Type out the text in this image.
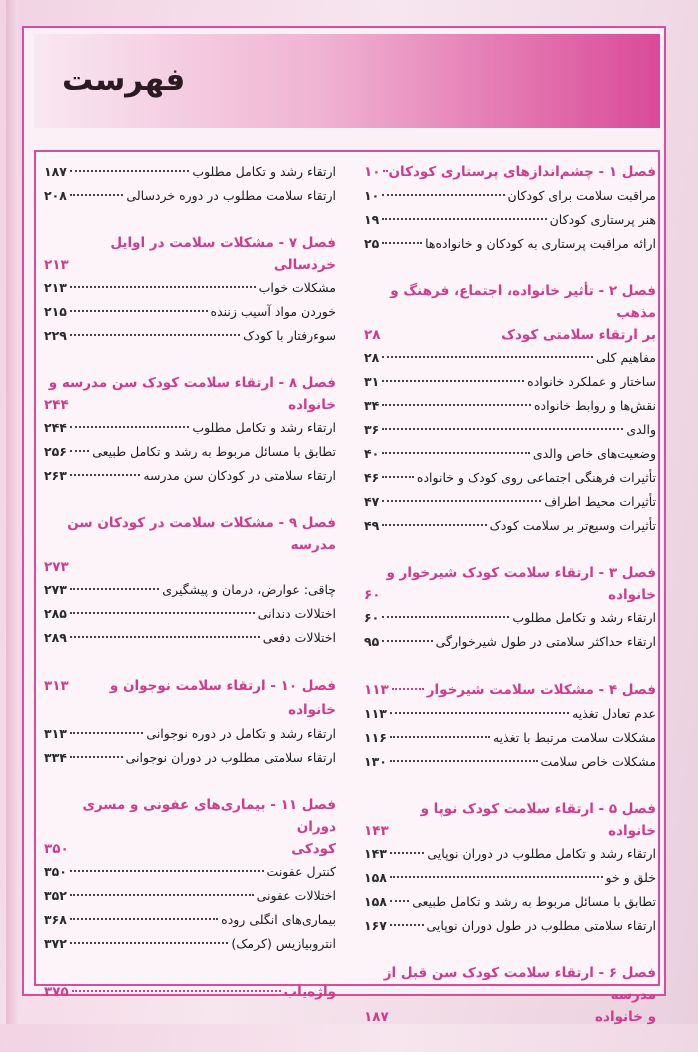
فهرست
فصل ۱ - چشم‌اندازهای پرستاری کودکان
۱۰
مراقبت سلامت برای کودکان
۱۰
هنر پرستاری کودکان
۱۹
ارائه مراقبت پرستاری به کودکان و خانواده‌ها
۲۵
فصل ۲ - تأثیر خانواده، اجتماع، فرهنگ و مذهب
بر ارتقاء سلامتی کودک
۲۸
مفاهیم کلی
۲۸
ساختار و عملکرد خانواده
۳۱
نقش‌ها و روابط خانواده
۳۴
والدی
۳۶
وضعیت‌های خاص والدی
۴۰
تأثیرات فرهنگی اجتماعی روی کودک و خانواده
۴۶
تأثیرات محیط اطراف
۴۷
تأثیرات وسیع‌تر بر سلامت کودک
۴۹
فصل ۳ - ارتقاء سلامت کودک شیرخوار و
خانواده
۶۰
ارتقاء رشد و تکامل مطلوب
۶۰
ارتقاء حداکثر سلامتی در طول شیرخوارگی
۹۵
فصل ۴ - مشکلات سلامت شیرخوار
۱۱۳
عدم تعادل تغذیه
۱۱۳
مشکلات سلامت مرتبط با تغذیه
۱۱۶
مشکلات خاص سلامت
۱۳۰
فصل ۵ - ارتقاء سلامت کودک نوپا و
خانواده
۱۴۳
ارتقاء رشد و تکامل مطلوب در دوران نوپایی
۱۴۳
خلق و خو
۱۵۸
تطابق با مسائل مربوط به رشد و تکامل طبیعی
۱۵۸
ارتقاء سلامتی مطلوب در طول دوران نوپایی
۱۶۷
فصل ۶ - ارتقاء سلامت کودک سن قبل از مدرسه
و خانواده
۱۸۷
ارتقاء رشد و تکامل مطلوب
۱۸۷
ارتقاء سلامت مطلوب در دوره خردسالی
۲۰۸
فصل ۷ - مشکلات سلامت در اوایل
خردسالی
۲۱۳
مشکلات خواب
۲۱۳
خوردن مواد آسیب زننده
۲۱۵
سوءرفتار با کودک
۲۲۹
فصل ۸ - ارتقاء سلامت کودک سن مدرسه و
خانواده
۲۴۴
ارتقاء رشد و تکامل مطلوب
۲۴۴
تطابق با مسائل مربوط به رشد و تکامل طبیعی
۲۵۶
ارتقاء سلامتی در کودکان سن مدرسه
۲۶۳
فصل ۹ - مشکلات سلامت در کودکان سن مدرسه
۲۷۳
چاقی: عوارض، درمان و پیشگیری
۲۷۳
اختلالات دندانی
۲۸۵
اختلالات دفعی
۲۸۹
فصل ۱۰ - ارتقاء سلامت نوجوان و خانواده
۳۱۳
ارتقاء رشد و تکامل در دوره نوجوانی
۳۱۳
ارتقاء سلامتی مطلوب در دوران نوجوانی
۳۳۴
فصل ۱۱ - بیماری‌های عفونی و مسری دوران
کودکی
۳۵۰
کنترل عفونت
۳۵۰
اختلالات عفونی
۳۵۲
بیماری‌های انگلی روده
۳۶۸
انتروبیازیس (کرمک)
۳۷۲
واژه‌یاب
۳۷۵
